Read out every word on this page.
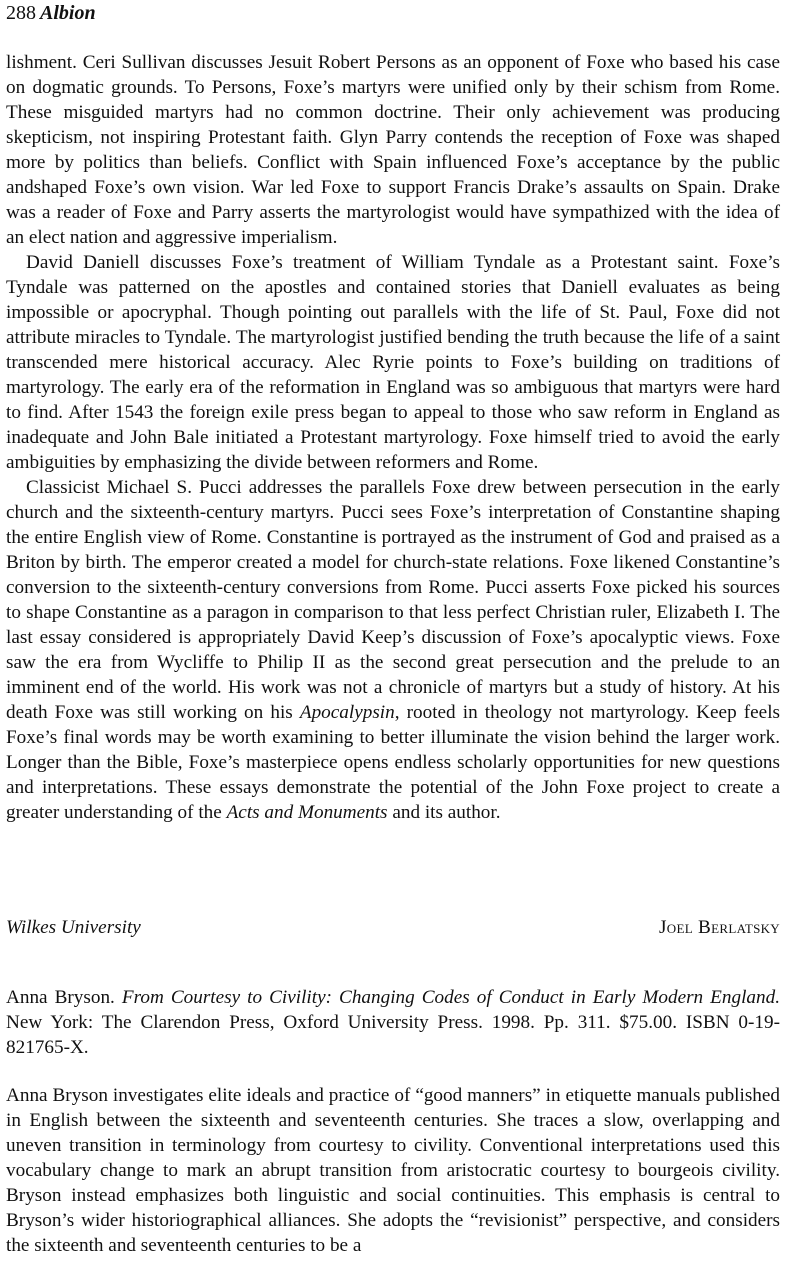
288 Albion

lishment. Ceri Sullivan discusses Jesuit Robert Persons as an opponent of Foxe who based his case on dogmatic grounds. To Persons, Foxe’s martyrs were unified only by their schism from Rome. These misguided martyrs had no common doctrine. Their only achievement was producing skepticism, not inspiring Protestant faith. Glyn Parry contends the reception of Foxe was shaped more by politics than beliefs. Conflict with Spain influenced Foxe’s acceptance by the public andshaped Foxe’s own vision. War led Foxe to support Francis Drake’s assaults on Spain. Drake was a reader of Foxe and Parry asserts the martyrologist would have sympathized with the idea of an elect nation and aggressive imperialism.

David Daniell discusses Foxe’s treatment of William Tyndale as a Protestant saint. Foxe’s Tyndale was patterned on the apostles and contained stories that Daniell evaluates as being impossible or apocryphal. Though pointing out parallels with the life of St. Paul, Foxe did not attribute miracles to Tyndale. The martyrologist justified bending the truth because the life of a saint transcended mere historical accuracy. Alec Ryrie points to Foxe’s building on traditions of martyrology. The early era of the reformation in England was so ambiguous that martyrs were hard to find. After 1543 the foreign exile press began to appeal to those who saw reform in England as inadequate and John Bale initiated a Protestant martyrology. Foxe himself tried to avoid the early ambiguities by emphasizing the divide between reformers and Rome.

Classicist Michael S. Pucci addresses the parallels Foxe drew between persecution in the early church and the sixteenth-century martyrs. Pucci sees Foxe’s interpretation of Constantine shaping the entire English view of Rome. Constantine is portrayed as the instrument of God and praised as a Briton by birth. The emperor created a model for church-state relations. Foxe likened Constantine’s conversion to the sixteenth-century conversions from Rome. Pucci asserts Foxe picked his sources to shape Constantine as a paragon in comparison to that less perfect Christian ruler, Elizabeth I. The last essay considered is appropriately David Keep’s discussion of Foxe’s apocalyptic views. Foxe saw the era from Wycliffe to Philip II as the second great persecution and the prelude to an imminent end of the world. His work was not a chronicle of martyrs but a study of history. At his death Foxe was still working on his Apocalypsin, rooted in theology not martyrology. Keep feels Foxe’s final words may be worth examining to better illuminate the vision behind the larger work. Longer than the Bible, Foxe’s masterpiece opens endless scholarly opportunities for new questions and interpretations. These essays demonstrate the potential of the John Foxe project to create a greater understanding of the Acts and Monuments and its author.

Wilkes University	Joel Berlatsky

Anna Bryson. From Courtesy to Civility: Changing Codes of Conduct in Early Modern England. New York: The Clarendon Press, Oxford University Press. 1998. Pp. 311. $75.00. ISBN 0-19-821765-X.

Anna Bryson investigates elite ideals and practice of “good manners” in etiquette manuals published in English between the sixteenth and seventeenth centuries. She traces a slow, overlapping and uneven transition in terminology from courtesy to civility. Conventional interpretations used this vocabulary change to mark an abrupt transition from aristocratic courtesy to bourgeois civility. Bryson instead emphasizes both linguistic and social continuities. This emphasis is central to Bryson’s wider historiographical alliances. She adopts the “revisionist” perspective, and considers the sixteenth and seventeenth centuries to be a
